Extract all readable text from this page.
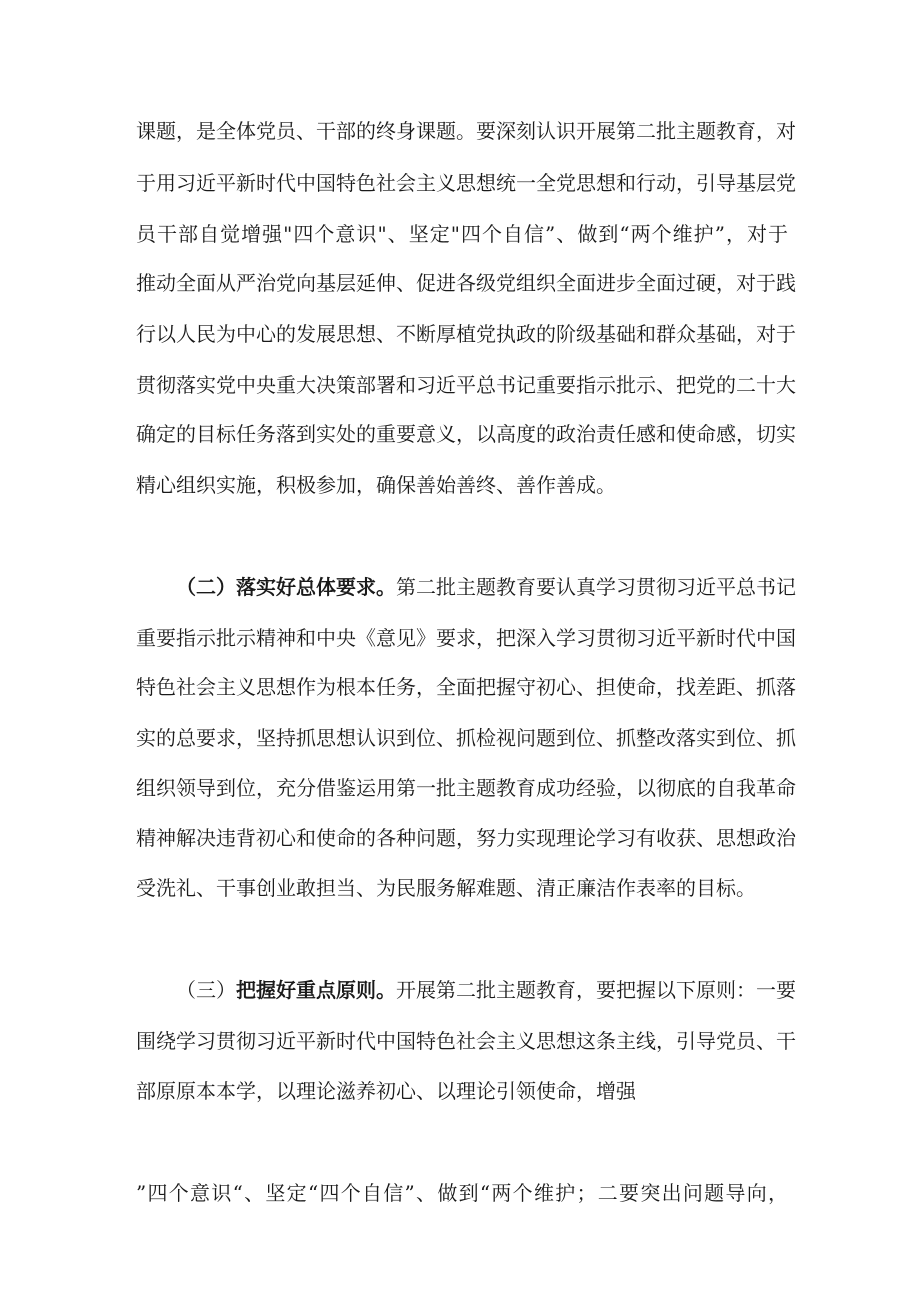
课题，是全体党员、干部的终身课题。要深刻认识开展第二批主题教育，对
于用习近平新时代中国特色社会主义思想统一全党思想和行动，引导基层党
员干部自觉增强"四个意识"、坚定"四个自信”、做到“两个维护”，对于
推动全面从严治党向基层延伸、促进各级党组织全面进步全面过硬，对于践
行以人民为中心的发展思想、不断厚植党执政的阶级基础和群众基础，对于
贯彻落实党中央重大决策部署和习近平总书记重要指示批示、把党的二十大
确定的目标任务落到实处的重要意义，以高度的政治责任感和使命感，切实
精心组织实施，积极参加，确保善始善终、善作善成。
（二）落实好总体要求。第二批主题教育要认真学习贯彻习近平总书记
重要指示批示精神和中央《意见》要求，把深入学习贯彻习近平新时代中国
特色社会主义思想作为根本任务，全面把握守初心、担使命，找差距、抓落
实的总要求，坚持抓思想认识到位、抓检视问题到位、抓整改落实到位、抓
组织领导到位，充分借鉴运用第一批主题教育成功经验，以彻底的自我革命
精神解决违背初心和使命的各种问题，努力实现理论学习有收获、思想政治
受洗礼、干事创业敢担当、为民服务解难题、清正廉洁作表率的目标。
（三）把握好重点原则。开展第二批主题教育，要把握以下原则：一要
围绕学习贯彻习近平新时代中国特色社会主义思想这条主线，引导党员、干
部原原本本学，以理论滋养初心、以理论引领使命，增强
”四个意识“、坚定“四个自信”、做到“两个维护；二要突出问题导向，
